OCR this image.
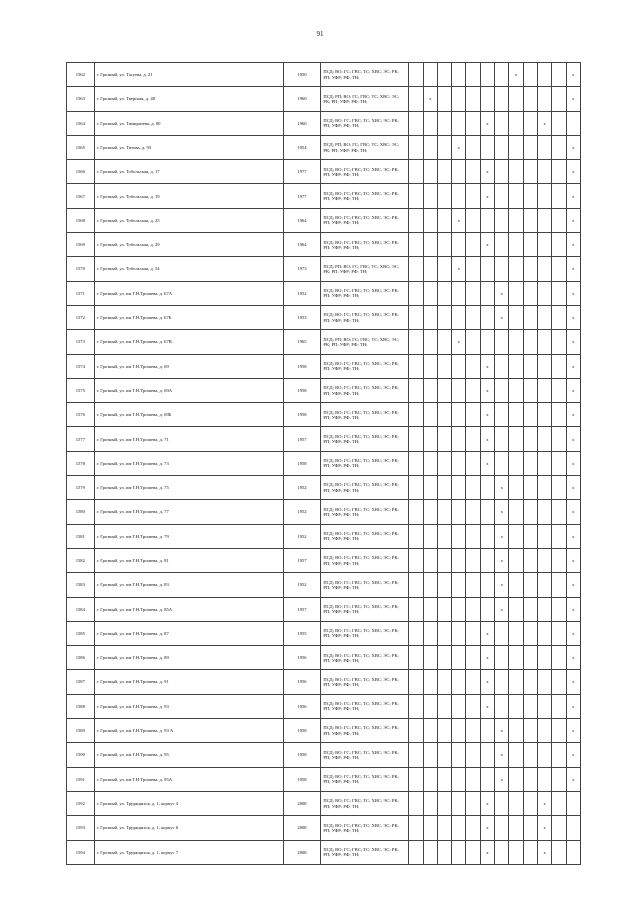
91
1562	г. Грозный, ул. Тасуева, д. 21	1950	ПСД; ВО; ГС; ГВС; ТС; ХВС; ЭС; РК; РП; УФР; РФ; ТН;								x				x
1563	г. Грозный, ул. Тверская, д. 48	1960	ПСД; РП; ВО; ГС; ГВС; ТС; ХВС; ЭС; РК; РП; УФР; РФ; ТН;		x										x
1564	г. Грозный, ул. Тимирязева, д. 00	1960	ПСД; ВО; ГС; ГВС; ТС; ХВС; ЭС; РК; РП; УФР; РФ; ТН;						x				x		
1565	г. Грозный, ул. Титова, д. 93	1954	ПСД; РП; ВО; ГС; ГВС; ТС; ХВС; ЭС; РК; РП; УФР; РФ; ТН;				x								x
1566	г. Грозный, ул. Тобольская, д. 17	1977	ПСД; ВО; ГС; ГВС; ТС; ХВС; ЭС; РК; РП; УФР; РФ; ТН;						x						x
1567	г. Грозный, ул. Тобольская, д. 19	1977	ПСД; ВО; ГС; ГВС; ТС; ХВС; ЭС; РК; РП; УФР; РФ; ТН;						x						x
1568	г. Грозный, ул. Тобольская, д. 25	1964	ПСД; ВО; ГС; ГВС; ТС; ХВС; ЭС; РК; РП; УФР; РФ; ТН;				x								x
1569	г. Грозный, ул. Тобольская, д. 29	1964	ПСД; ВО; ГС; ГВС; ТС; ХВС; ЭС; РК; РП; УФР; РФ; ТН;						x						x
1570	г. Грозный, ул. Тобольская, д. 54	1973	ПСД; РП; ВО; ГС; ГВС; ТС; ХВС; ЭС; РК; РП; УФР; РФ; ТН;				x								x
1571	г. Грозный, ул. им Г.Н.Трошева, д. 67А	1952	ПСД; ВО; ГС; ГВС; ТС; ХВС; ЭС; РК; РП; УФР; РФ; ТН;							x					x
1572	г. Грозный, ул. им Г.Н.Трошева, д. 67Б	1953	ПСД; ВО; ГС; ГВС; ТС; ХВС; ЭС; РК; РП; УФР; РФ; ТН;							x					x
1573	г. Грозный, ул. им Г.Н.Трошева, д. 67В	1965	ПСД; РП; ВО; ГС; ГВС; ТС; ХВС; ЭС; РК; РП; УФР; РФ; ТН;				x								x
1574	г. Грозный, ул. им Г.Н.Трошева, д. 69	1958	ПСД; ВО; ГС; ГВС; ТС; ХВС; ЭС; РК; РП; УФР; РФ; ТН;						x						x
1575	г. Грозный, ул. им Г.Н.Трошева, д. 69А	1958	ПСД; ВО; ГС; ГВС; ТС; ХВС; ЭС; РК; РП; УФР; РФ; ТН;						x						x
1576	г. Грозный, ул. им Г.Н.Трошева, д. 69Б	1958	ПСД; ВО; ГС; ГВС; ТС; ХВС; ЭС; РК; РП; УФР; РФ; ТН;						x						x
1577	г. Грозный, ул. им Г.Н.Трошева, д. 71	1957	ПСД; ВО; ГС; ГВС; ТС; ХВС; ЭС; РК; РП; УФР; РФ; ТН;						x						x
1578	г. Грозный, ул. им Г.Н.Трошева, д. 73	1958	ПСД; ВО; ГС; ГВС; ТС; ХВС; ЭС; РК; РП; УФР; РФ; ТН;						x						x
1579	г. Грозный, ул. им Г.Н.Трошева, д. 75	1952	ПСД; ВО; ГС; ГВС; ТС; ХВС; ЭС; РК; РП; УФР; РФ; ТН;							x					x
1580	г. Грозный, ул. им Г.Н.Трошева, д. 77	1952	ПСД; ВО; ГС; ГВС; ТС; ХВС; ЭС; РК; РП; УФР; РФ; ТН;							x					x
1581	г. Грозный, ул. им Г.Н.Трошева, д. 79	1952	ПСД; ВО; ГС; ГВС; ТС; ХВС; ЭС; РК; РП; УФР; РФ; ТН;							x					x
1582	г. Грозный, ул. им Г.Н.Трошева, д. 81	1957	ПСД; ВО; ГС; ГВС; ТС; ХВС; ЭС; РК; РП; УФР; РФ; ТН;							x					x
1583	г. Грозный, ул. им Г.Н.Трошева, д. 83	1952	ПСД; ВО; ГС; ГВС; ТС; ХВС; ЭС; РК; РП; УФР; РФ; ТН;							x					x
1584	г. Грозный, ул. им Г.Н.Трошева, д. 85А	1957	ПСД; ВО; ГС; ГВС; ТС; ХВС; ЭС; РК; РП; УФР; РФ; ТН;							x					x
1585	г. Грозный, ул. им Г.Н.Трошева, д. 87	1955	ПСД; ВО; ГС; ГВС; ТС; ХВС; ЭС; РК; РП; УФР; РФ; ТН;						x						x
1586	г. Грозный, ул. им Г.Н.Трошева, д. 89	1956	ПСД; ВО; ГС; ГВС; ТС; ХВС; ЭС; РК; РП; УФР; РФ; ТН;						x						x
1587	г. Грозный, ул. им Г.Н.Трошева, д. 91	1956	ПСД; ВО; ГС; ГВС; ТС; ХВС; ЭС; РК; РП; УФР; РФ; ТН;						x						x
1588	г. Грозный, ул. им Г.Н.Трошева, д. 93	1956	ПСД; ВО; ГС; ГВС; ТС; ХВС; ЭС; РК; РП; УФР; РФ; ТН;						x						x
1589	г. Грозный, ул. им Г.Н.Трошева, д. 93 А	1958	ПСД; ВО; ГС; ГВС; ТС; ХВС; ЭС; РК; РП; УФР; РФ; ТН;							x					x
1590	г. Грозный, ул. им Г.Н.Трошева, д. 95	1958	ПСД; ВО; ГС; ГВС; ТС; ХВС; ЭС; РК; РП; УФР; РФ; ТН;							x					x
1591	г. Грозный, ул. им Г.Н.Трошева, д. 95А	1958	ПСД; ВО; ГС; ГВС; ТС; ХВС; ЭС; РК; РП; УФР; РФ; ТН;							x					x
1592	г. Грозный, ул. Трудящихся, д. 1, корпус 4	2008	ПСД; ВО; ГС; ГВС; ТС; ХВС; ЭС; РК; РП; УФР; РФ; ТН;						x				x		
1593	г. Грозный, ул. Трудящихся, д. 1, корпус 6	2008	ПСД; ВО; ГС; ГВС; ТС; ХВС; ЭС; РК; РП; УФР; РФ; ТН;						x				x		
1594	г. Грозный, ул. Трудящихся, д. 1, корпус 7	2008	ПСД; ВО; ГС; ГВС; ТС; ХВС; ЭС; РК; РП; УФР; РФ; ТН;						x				x		
